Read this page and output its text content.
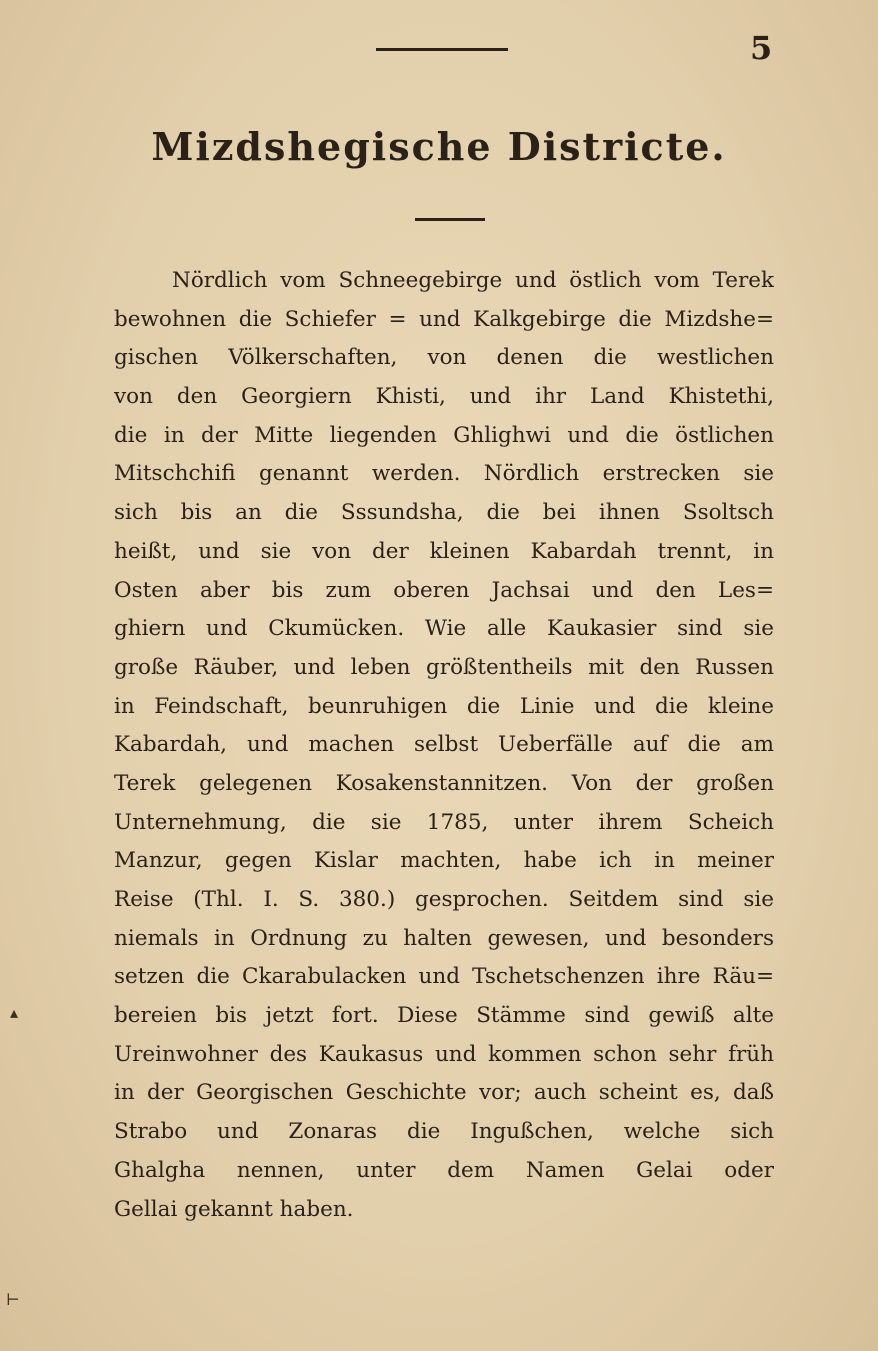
5
Mizdshegische Districte.
Nördlich vom Schneegebirge und östlich vom Terek
bewohnen die Schiefer = und Kalkgebirge die Mizdshe=
gischen Völkerschaften, von denen die westlichen
von den Georgiern Khisti, und ihr Land Khistethi,
die in der Mitte liegenden Ghlighwi und die östlichen
Mitschchifi genannt werden. Nördlich erstrecken sie
sich bis an die Sssundsha, die bei ihnen Ssoltsch
heißt, und sie von der kleinen Kabardah trennt, in
Osten aber bis zum oberen Jachsai und den Les=
ghiern und Ckumücken. Wie alle Kaukasier sind sie
große Räuber, und leben größtentheils mit den Russen
in Feindschaft, beunruhigen die Linie und die kleine
Kabardah, und machen selbst Ueberfälle auf die am
Terek gelegenen Kosakenstannitzen. Von der großen
Unternehmung, die sie 1785, unter ihrem Scheich
Manzur, gegen Kislar machten, habe ich in meiner
Reise (Thl. I. S. 380.) gesprochen. Seitdem sind sie
niemals in Ordnung zu halten gewesen, und besonders
setzen die Ckarabulacken und Tschetschenzen ihre Räu=
bereien bis jetzt fort. Diese Stämme sind gewiß alte
Ureinwohner des Kaukasus und kommen schon sehr früh
in der Georgischen Geschichte vor; auch scheint es, daß
Strabo und Zonaras die Ingußchen, welche sich
Ghalgha nennen, unter dem Namen Gelai oder
Gellai gekannt haben.
▴
⊢
